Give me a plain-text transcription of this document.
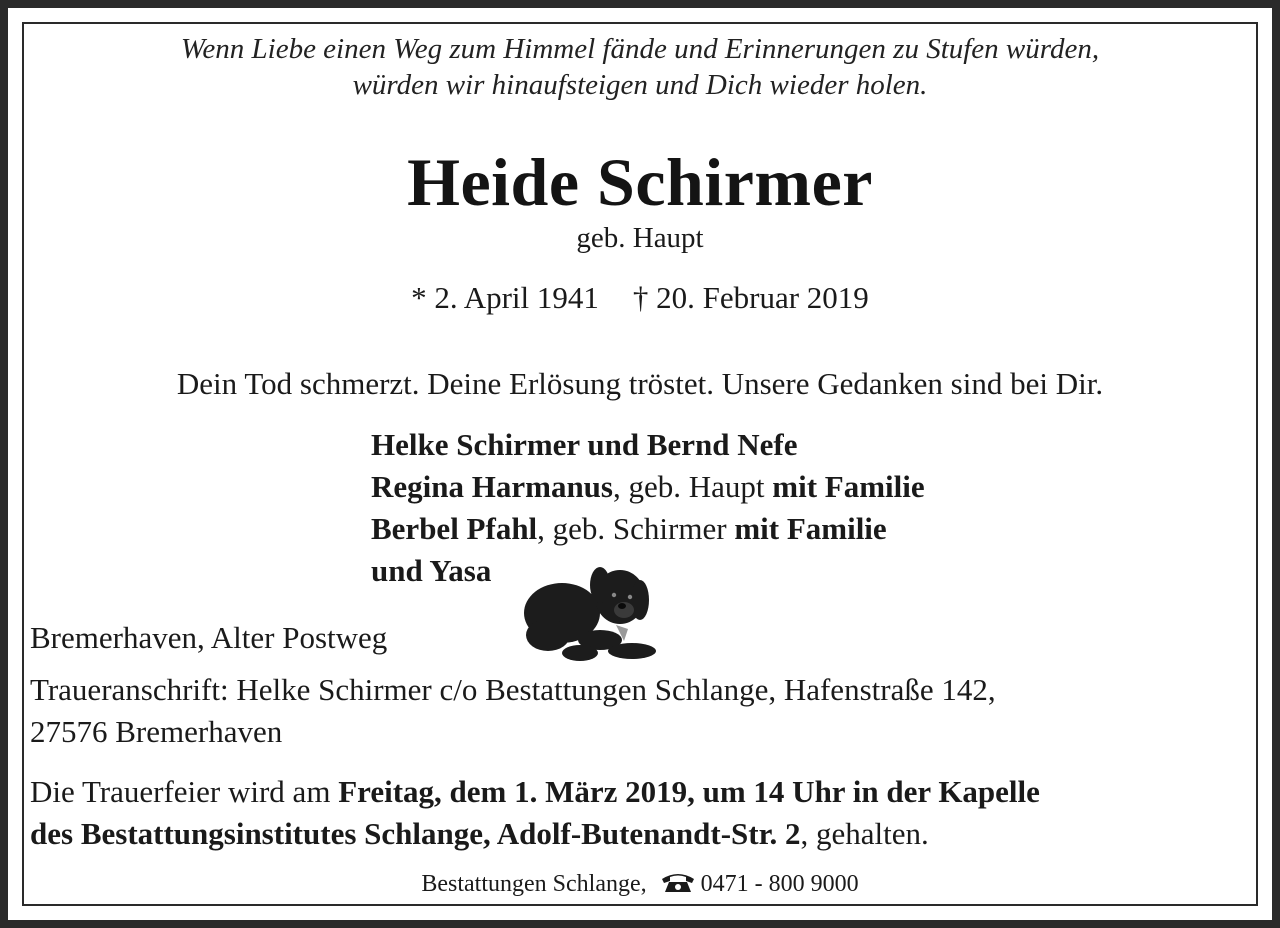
Wenn Liebe einen Weg zum Himmel fände und Erinnerungen zu Stufen würden,
würden wir hinaufsteigen und Dich wieder holen.
Heide Schirmer
geb. Haupt
* 2. April 1941 † 20. Februar 2019
Dein Tod schmerzt. Deine Erlösung tröstet. Unsere Gedanken sind bei Dir.
Helke Schirmer und Bernd Nefe
Regina Harmanus, geb. Haupt mit Familie
Berbel Pfahl, geb. Schirmer mit Familie
und Yasa
Bremerhaven, Alter Postweg
Traueranschrift: Helke Schirmer c/o Bestattungen Schlange, Hafenstraße 142,
27576 Bremerhaven
Die Trauerfeier wird am Freitag, dem 1. März 2019, um 14 Uhr in der Kapelle
des Bestattungsinstitutes Schlange, Adolf-Butenandt-Str. 2, gehalten.
Bestattungen Schlange, 0471 - 800 9000
